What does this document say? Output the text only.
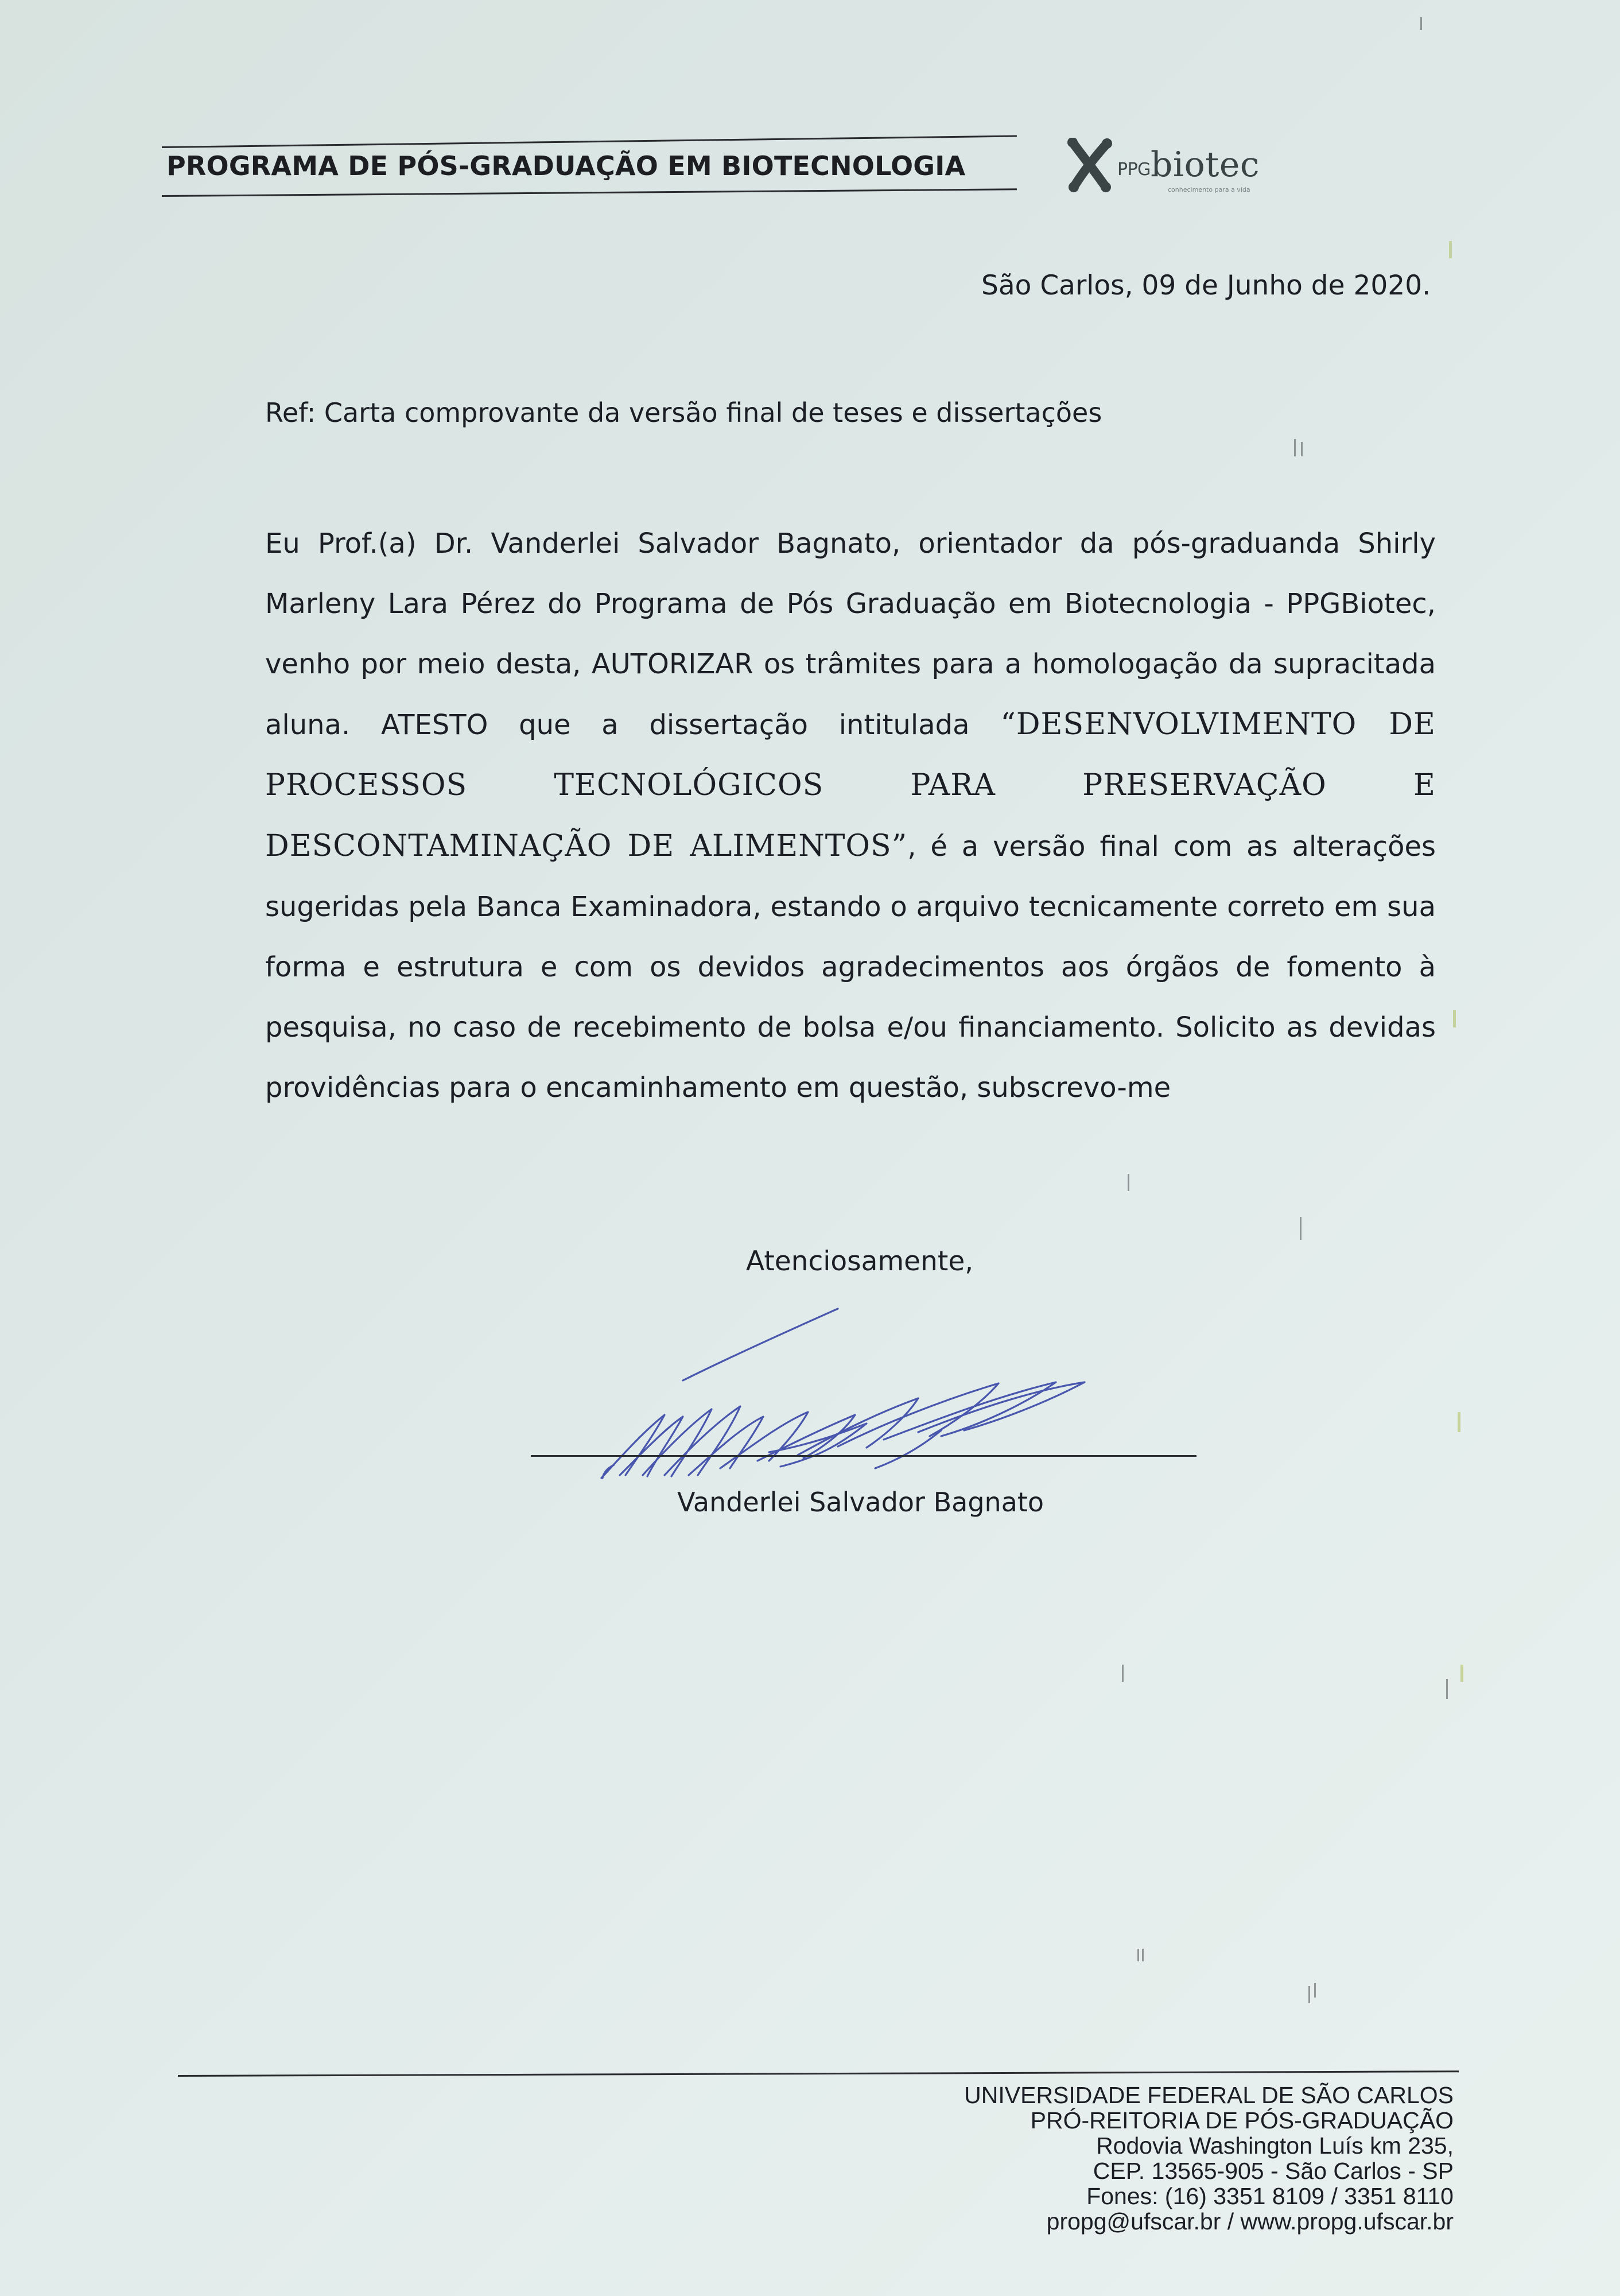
PROGRAMA DE PÓS-GRADUAÇÃO EM BIOTECNOLOGIA	PPG biotec
conhecimento para a vida
São Carlos, 09 de Junho de 2020.
Ref: Carta comprovante da versão final de teses e dissertações
Eu Prof.(a) Dr. Vanderlei Salvador Bagnato, orientador da pós-graduanda Shirly Marleny Lara Pérez do Programa de Pós Graduação em Biotecnologia - PPGBiotec, venho por meio desta, AUTORIZAR os trâmites para a homologação da supracitada aluna. ATESTO que a dissertação intitulada “DESENVOLVIMENTO DE PROCESSOS TECNOLÓGICOS PARA PRESERVAÇÃO E DESCONTAMINAÇÃO DE ALIMENTOS”, é a versão final com as alterações sugeridas pela Banca Examinadora, estando o arquivo tecnicamente correto em sua forma e estrutura e com os devidos agradecimentos aos órgãos de fomento à pesquisa, no caso de recebimento de bolsa e/ou financiamento. Solicito as devidas providências para o encaminhamento em questão, subscrevo-me
Atenciosamente,
Vanderlei Salvador Bagnato
UNIVERSIDADE FEDERAL DE SÃO CARLOS
PRÓ-REITORIA DE PÓS-GRADUAÇÃO
Rodovia Washington Luís km 235,
CEP. 13565-905 - São Carlos - SP
Fones: (16) 3351 8109 / 3351 8110
propg@ufscar.br / www.propg.ufscar.br
